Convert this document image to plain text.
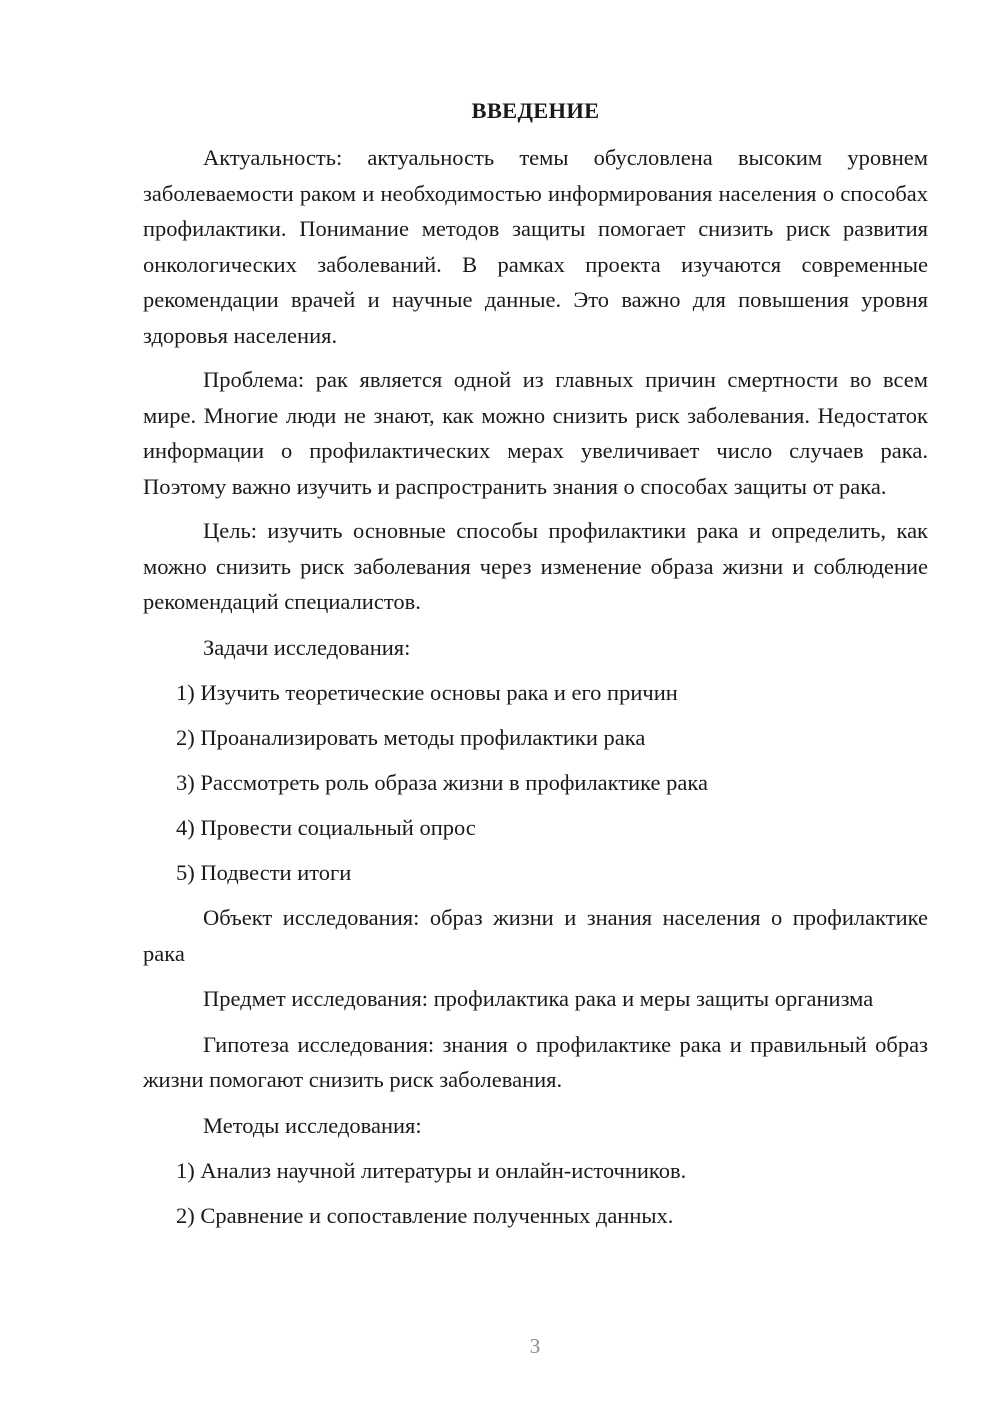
ВВЕДЕНИЕ

Актуальность: актуальность темы обусловлена высоким уровнем заболеваемости раком и необходимостью информирования населения о способах профилактики. Понимание методов защиты помогает снизить риск развития онкологических заболеваний. В рамках проекта изучаются современные рекомендации врачей и научные данные. Это важно для повышения уровня здоровья населения.

Проблема: рак является одной из главных причин смертности во всем мире. Многие люди не знают, как можно снизить риск заболевания. Недостаток информации о профилактических мерах увеличивает число случаев рака. Поэтому важно изучить и распространить знания о способах защиты от рака.

Цель: изучить основные способы профилактики рака и определить, как можно снизить риск заболевания через изменение образа жизни и соблюдение рекомендаций специалистов.

Задачи исследования:
1) Изучить теоретические основы рака и его причин
2) Проанализировать методы профилактики рака
3) Рассмотреть роль образа жизни в профилактике рака
4) Провести социальный опрос
5) Подвести итоги

Объект исследования: образ жизни и знания населения о профилактике рака

Предмет исследования: профилактика рака и меры защиты организма

Гипотеза исследования: знания о профилактике рака и правильный образ жизни помогают снизить риск заболевания.

Методы исследования:
1) Анализ научной литературы и онлайн-источников.
2) Сравнение и сопоставление полученных данных.
3
